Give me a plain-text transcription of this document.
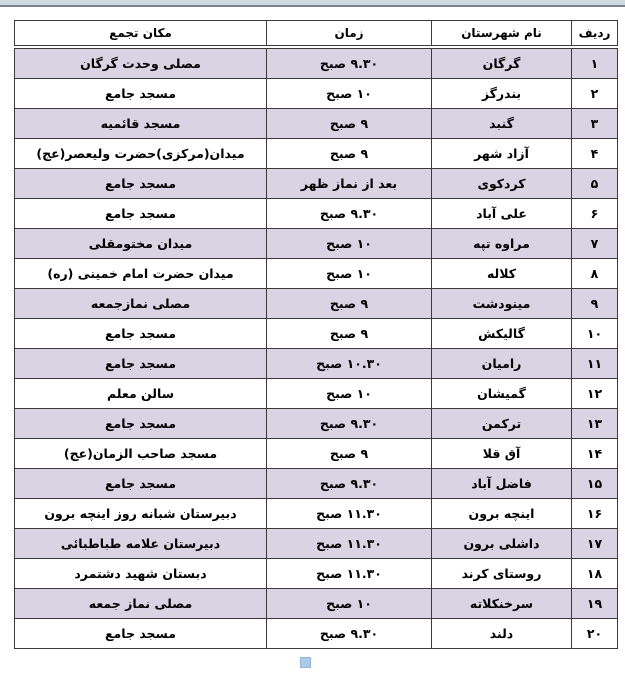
ردیف	نام شهرستان	زمان	مکان تجمع
۱	گرگان	۹.۳۰ صبح	مصلی وحدت گرگان
۲	بندرگز	۱۰ صبح	مسجد جامع
۳	گنبد	۹ صبح	مسجد قائمیه
۴	آزاد شهر	۹ صبح	میدان(مرکزی)حضرت ولیعصر(عج)
۵	کردکوی	بعد از نماز ظهر	مسجد جامع
۶	علی آباد	۹.۳۰ صبح	مسجد جامع
۷	مراوه تپه	۱۰ صبح	میدان مختومقلی
۸	کلاله	۱۰ صبح	میدان حضرت امام خمینی (ره)
۹	مینودشت	۹ صبح	مصلی نمازجمعه
۱۰	گالیکش	۹ صبح	مسجد جامع
۱۱	رامیان	۱۰.۳۰ صبح	مسجد جامع
۱۲	گمیشان	۱۰ صبح	سالن معلم
۱۳	ترکمن	۹.۳۰ صبح	مسجد جامع
۱۴	آق قلا	۹ صبح	مسجد صاحب الزمان(عج)
۱۵	فاضل آباد	۹.۳۰ صبح	مسجد جامع
۱۶	اینچه برون	۱۱.۳۰ صبح	دبیرستان شبانه روز اینچه برون
۱۷	داشلی برون	۱۱.۳۰ صبح	دبیرستان علامه طباطبائی
۱۸	روستای کرند	۱۱.۳۰ صبح	دبستان شهید دشتمرد
۱۹	سرخنکلاته	۱۰ صبح	مصلی نماز جمعه
۲۰	دلند	۹.۳۰ صبح	مسجد جامع
